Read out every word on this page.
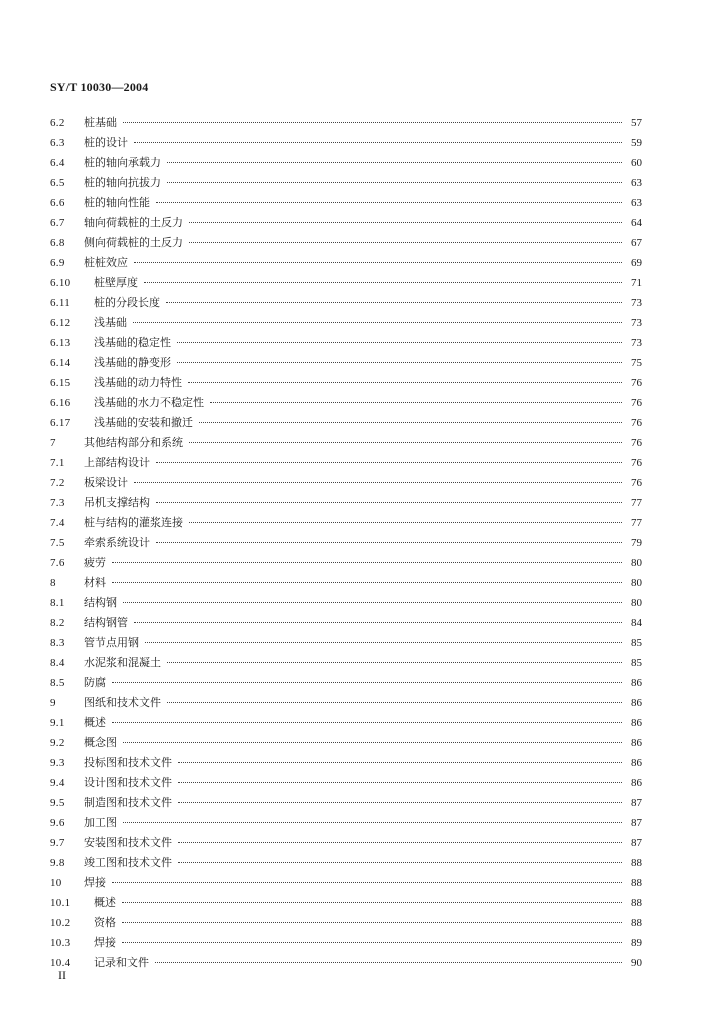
SY/T 10030—2004
6.2	桩基础	57
6.3	桩的设计	59
6.4	桩的轴向承载力	60
6.5	桩的轴向抗拔力	63
6.6	桩的轴向性能	63
6.7	轴向荷载桩的土反力	64
6.8	侧向荷载桩的土反力	67
6.9	桩桩效应	69
6.10	桩壁厚度	71
6.11	桩的分段长度	73
6.12	浅基础	73
6.13	浅基础的稳定性	73
6.14	浅基础的静变形	75
6.15	浅基础的动力特性	76
6.16	浅基础的水力不稳定性	76
6.17	浅基础的安装和撤迁	76
7	其他结构部分和系统	76
7.1	上部结构设计	76
7.2	板梁设计	76
7.3	吊机支撑结构	77
7.4	桩与结构的灌浆连接	77
7.5	牵索系统设计	79
7.6	疲劳	80
8	材料	80
8.1	结构钢	80
8.2	结构钢管	84
8.3	管节点用钢	85
8.4	水泥浆和混凝土	85
8.5	防腐	86
9	图纸和技术文件	86
9.1	概述	86
9.2	概念图	86
9.3	投标图和技术文件	86
9.4	设计图和技术文件	86
9.5	制造图和技术文件	87
9.6	加工图	87
9.7	安装图和技术文件	87
9.8	竣工图和技术文件	88
10	焊接	88
10.1	概述	88
10.2	资格	88
10.3	焊接	89
10.4	记录和文件	90
II
